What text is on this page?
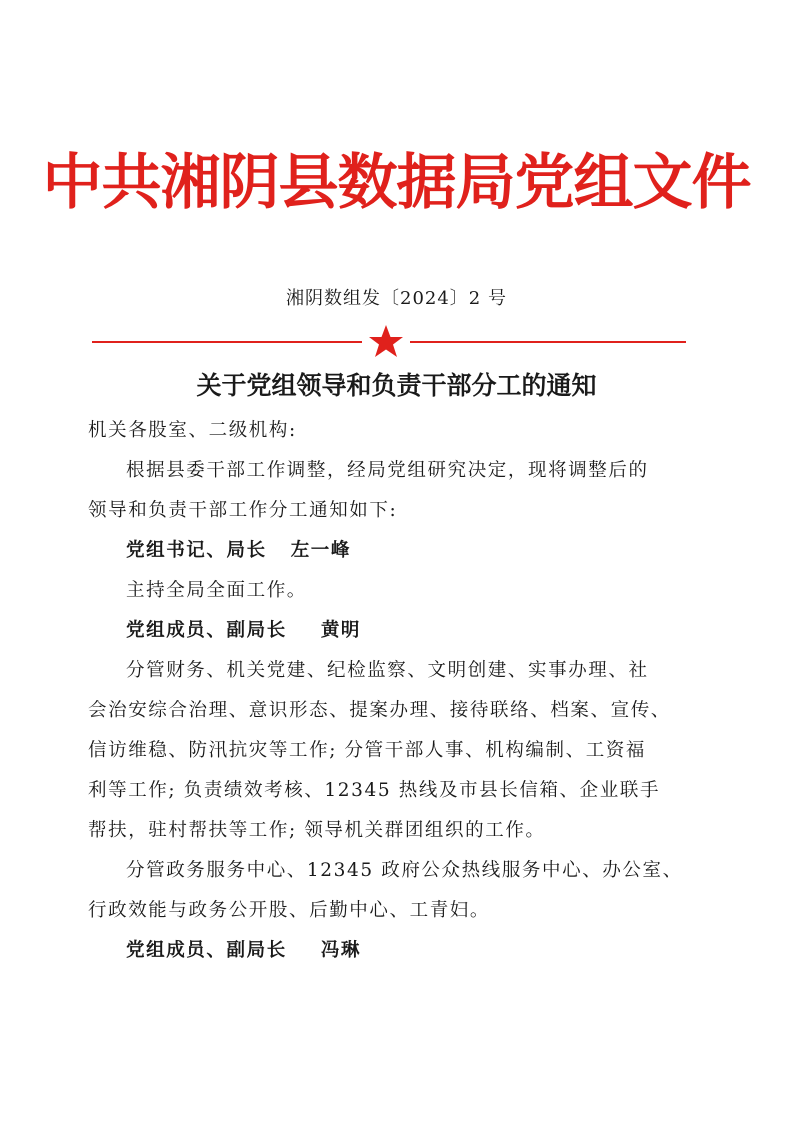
中共湘阴县数据局党组文件
湘阴数组发〔2024〕2 号
关于党组领导和负责干部分工的通知
机关各股室、二级机构:
根据县委干部工作调整，经局党组研究决定，现将调整后的
领导和负责干部工作分工通知如下:
党组书记、局长 左一峰
主持全局全面工作。
党组成员、副局长 黄明
分管财务、机关党建、纪检监察、文明创建、实事办理、社
会治安综合治理、意识形态、提案办理、接待联络、档案、宣传、
信访维稳、防汛抗灾等工作; 分管干部人事、机构编制、工资福
利等工作; 负责绩效考核、12345 热线及市县长信箱、企业联手
帮扶，驻村帮扶等工作; 领导机关群团组织的工作。
分管政务服务中心、12345 政府公众热线服务中心、办公室、
行政效能与政务公开股、后勤中心、工青妇。
党组成员、副局长 冯琳
